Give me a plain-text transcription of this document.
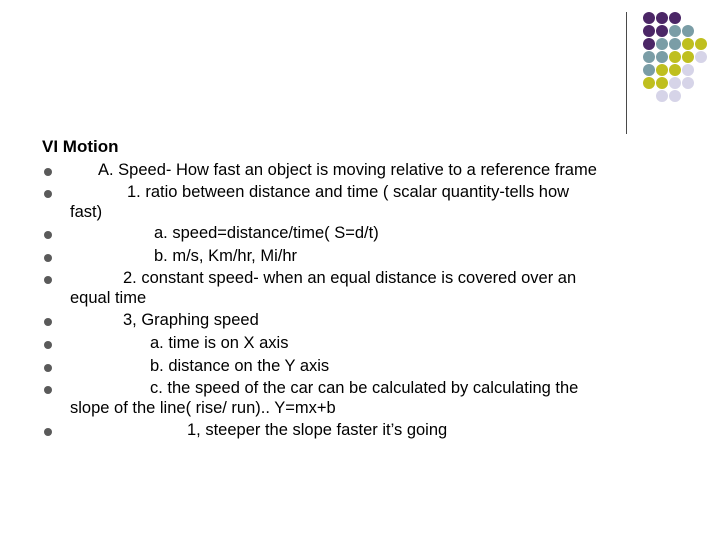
VI Motion
A. Speed- How fast an object is moving relative to a reference frame
1. ratio between distance and time ( scalar quantity-tells how
fast)
a. speed=distance/time( S=d/t)
b. m/s, Km/hr, Mi/hr
2. constant speed- when an equal distance is covered over an
equal time
3, Graphing speed
a. time is on X axis
b. distance on the Y axis
c. the speed of the car can be calculated by calculating the
slope of the line( rise/ run).. Y=mx+b
1, steeper the slope faster it’s going
